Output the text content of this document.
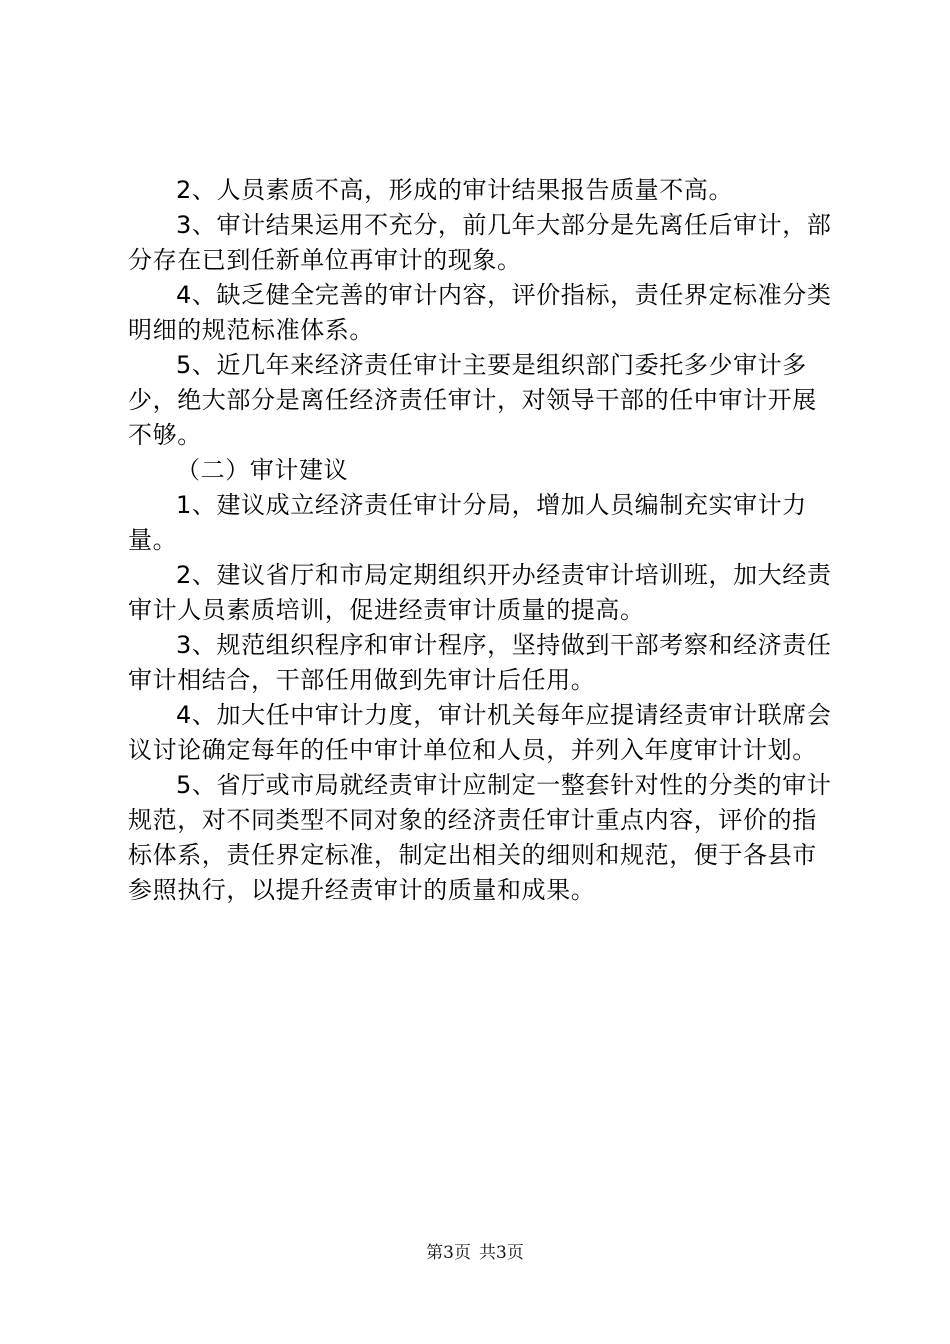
2、人员素质不高，形成的审计结果报告质量不高。

3、审计结果运用不充分，前几年大部分是先离任后审计，部分存在已到任新单位再审计的现象。

4、缺乏健全完善的审计内容，评价指标，责任界定标准分类明细的规范标准体系。

5、近几年来经济责任审计主要是组织部门委托多少审计多少，绝大部分是离任经济责任审计，对领导干部的任中审计开展不够。

（二）审计建议

1、建议成立经济责任审计分局，增加人员编制充实审计力量。

2、建议省厅和市局定期组织开办经责审计培训班，加大经责审计人员素质培训，促进经责审计质量的提高。

3、规范组织程序和审计程序，坚持做到干部考察和经济责任审计相结合，干部任用做到先审计后任用。

4、加大任中审计力度，审计机关每年应提请经责审计联席会议讨论确定每年的任中审计单位和人员，并列入年度审计计划。

5、省厅或市局就经责审计应制定一整套针对性的分类的审计规范，对不同类型不同对象的经济责任审计重点内容，评价的指标体系，责任界定标准，制定出相关的细则和规范，便于各县市参照执行，以提升经责审计的质量和成果。

第3页 共3页
